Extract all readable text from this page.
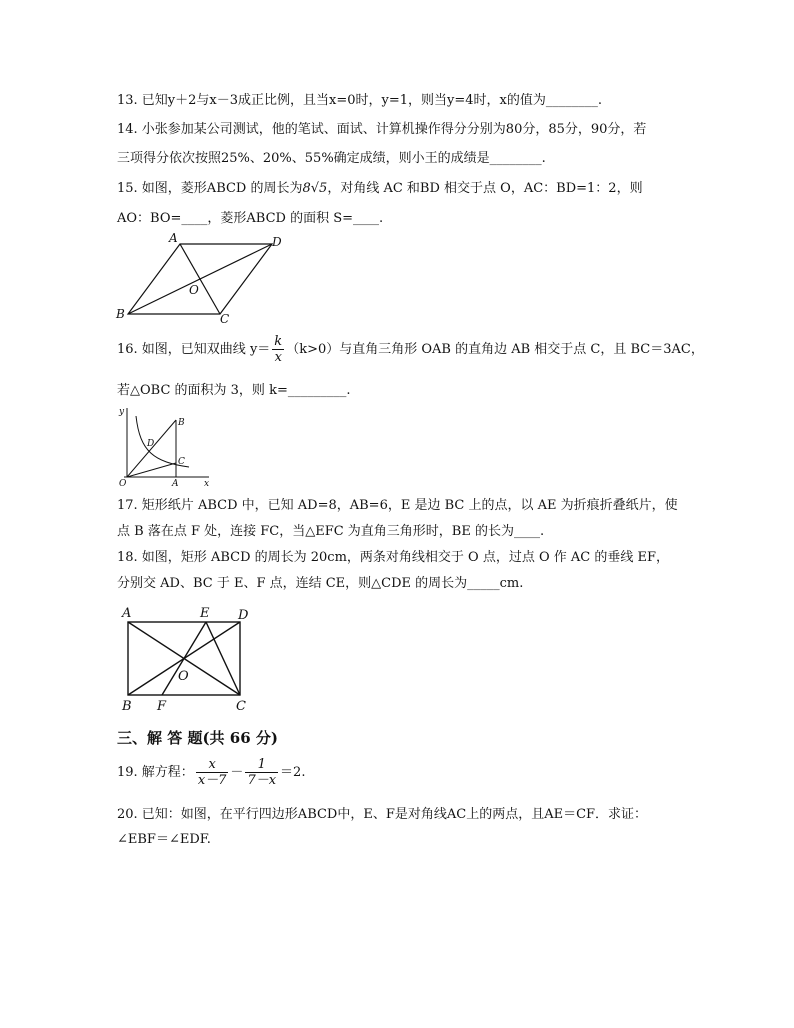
13. 已知y＋2与x－3成正比例，且当x=0时，y=1，则当y=4时，x的值为________.
14. 小张参加某公司测试，他的笔试、面试、计算机操作得分分别为80分，85分，90分，若
三项得分依次按照25%、20%、55%确定成绩，则小王的成绩是________.
15. 如图，菱形ABCD 的周长为8√5，对角线 AC 和BD 相交于点 O，AC：BD=1：2，则
AO：BO=____，菱形ABCD 的面积 S=____.
A	D
O
B	C
16. 如图，已知双曲线 $y= \frac{k}{x} (k>0)$与直角三角形 OAB 的直角边 AB 相交于点 C，且 BC＝3AC，
若△OBC 的面积为 3，则 k=_________.
y
B
D
C
O	A	x
17. 矩形纸片 ABCD 中，已知 AD=8，AB=6，E 是边 BC 上的点，以 AE 为折痕折叠纸片，使
点 B 落在点 F 处，连接 FC，当△EFC 为直角三角形时，BE 的长为____.
18. 如图，矩形 ABCD 的周长为 20cm，两条对角线相交于 O 点，过点 O 作 AC 的垂线 EF，
分别交 AD、BC 于 E、F 点，连结 CE，则△CDE 的周长为_____cm.
A	E D
O
B F	C
三、解 答 题(共 66 分)
19. 解方程： $\frac{x}{x-7} - \frac{1}{7-x} =2$.
20. 已知：如图，在平行四边形ABCD中，E、F是对角线AC上的两点，且AE＝CF．求证：
∠EBF＝∠EDF.
